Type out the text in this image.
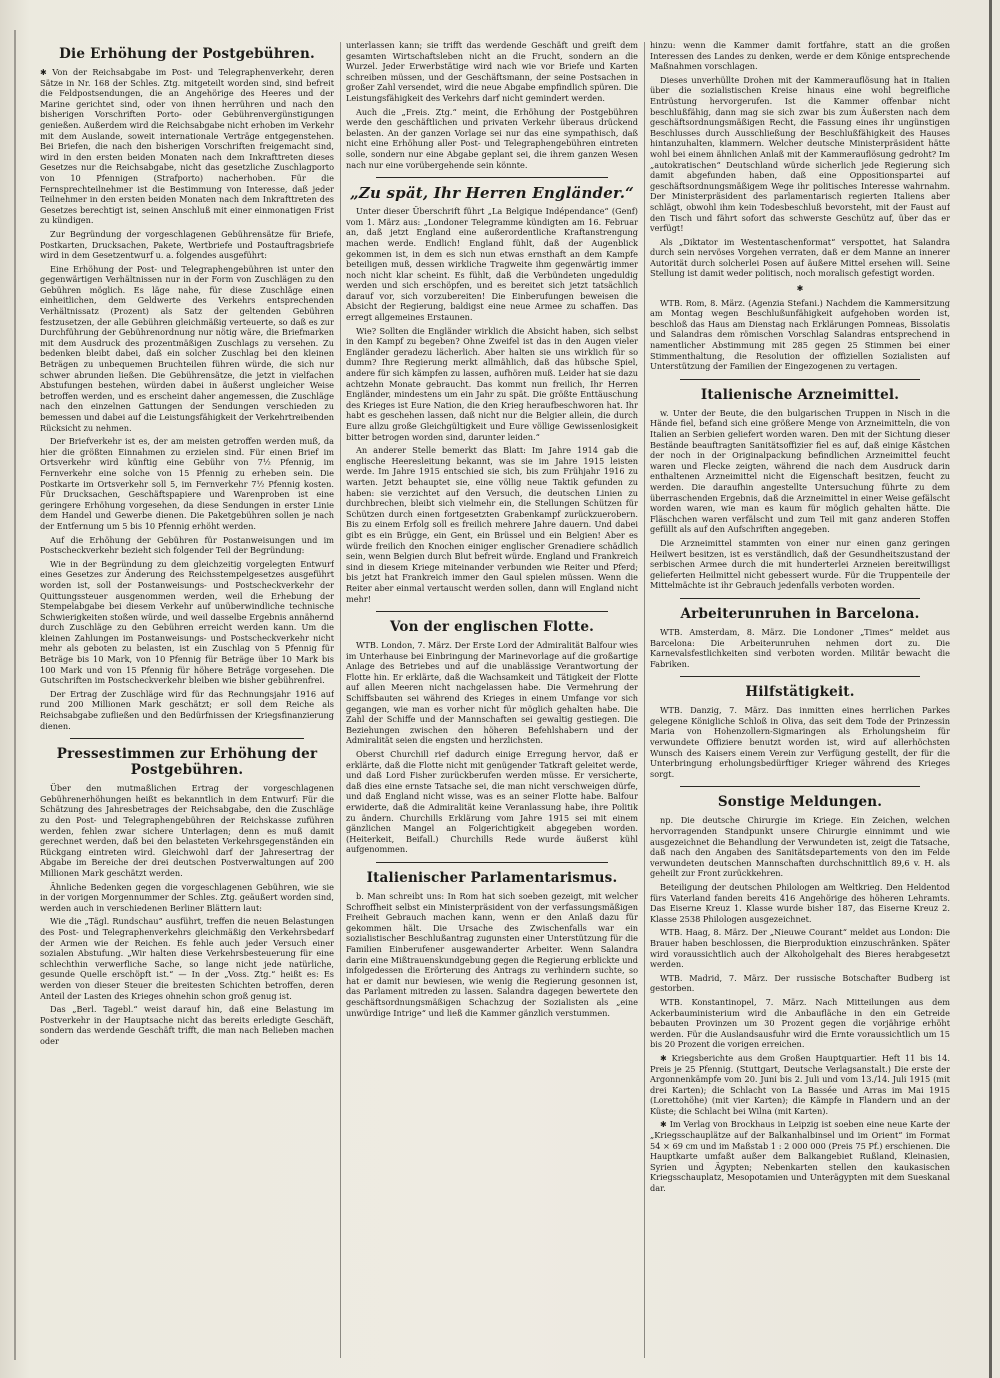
Die Erhöhung der Postgebühren.

✱ Von der Reichsabgabe im Post- und Telegraphenverkehr, deren Sätze in Nr. 168 der Schles. Ztg. mitgeteilt worden sind, sind befreit die Feldpostsendungen, die an Angehörige des Heeres und der Marine gerichtet sind, oder von ihnen herrühren und nach den bisherigen Vorschriften Porto- oder Gebührenvergünstigungen genießen. Außerdem wird die Reichsabgabe nicht erhoben im Verkehr mit dem Auslande, soweit internationale Verträge entgegenstehen. Bei Briefen, die nach den bisherigen Vorschriften freigemacht sind, wird in den ersten beiden Monaten nach dem Inkrafttreten dieses Gesetzes nur die Reichsabgabe, nicht das gesetzliche Zuschlagporto von 10 Pfennigen (Strafporto) nacherhoben. Für die Fernsprechteilnehmer ist die Bestimmung von Interesse, daß jeder Teilnehmer in den ersten beiden Monaten nach dem Inkrafttreten des Gesetzes berechtigt ist, seinen Anschluß mit einer einmonatigen Frist zu kündigen.

Zur Begründung der vorgeschlagenen Gebührensätze für Briefe, Postkarten, Drucksachen, Pakete, Wertbriefe und Postauftragsbriefe wird in dem Gesetzentwurf u. a. folgendes ausgeführt:

Eine Erhöhung der Post- und Telegraphengebühren ist unter den gegenwärtigen Verhältnissen nur in der Form von Zuschlägen zu den Gebühren möglich. Es läge nahe, für diese Zuschläge einen einheitlichen, dem Geldwerte des Verkehrs entsprechenden Verhältnissatz (Prozent) als Satz der geltenden Gebühren festzusetzen, der alle Gebühren gleichmäßig verteuerte, so daß es zur Durchführung der Gebührenordnung nur nötig wäre, die Briefmarken mit dem Ausdruck des prozentmäßigen Zuschlags zu versehen. Zu bedenken bleibt dabei, daß ein solcher Zuschlag bei den kleinen Beträgen zu unbequemen Bruchteilen führen würde, die sich nur schwer abrunden ließen. Die Gebührensätze, die jetzt in vielfachen Abstufungen bestehen, würden dabei in äußerst ungleicher Weise betroffen werden, und es erscheint daher angemessen, die Zuschläge nach den einzelnen Gattungen der Sendungen verschieden zu bemessen und dabei auf die Leistungsfähigkeit der Verkehrtreibenden Rücksicht zu nehmen.

Der Briefverkehr ist es, der am meisten getroffen werden muß, da hier die größten Einnahmen zu erzielen sind. Für einen Brief im Ortsverkehr wird künftig eine Gebühr von 7½ Pfennig, im Fernverkehr eine solche von 15 Pfennig zu erheben sein. Die Postkarte im Ortsverkehr soll 5, im Fernverkehr 7½ Pfennig kosten. Für Drucksachen, Geschäftspapiere und Warenproben ist eine geringere Erhöhung vorgesehen, da diese Sendungen in erster Linie dem Handel und Gewerbe dienen. Die Paketgebühren sollen je nach der Entfernung um 5 bis 10 Pfennig erhöht werden.

Auf die Erhöhung der Gebühren für Postanweisungen und im Postscheckverkehr bezieht sich folgender Teil der Begründung:

Wie in der Begründung zu dem gleichzeitig vorgelegten Entwurf eines Gesetzes zur Änderung des Reichsstempelgesetzes ausgeführt worden ist, soll der Postanweisungs- und Postscheckverkehr der Quittungssteuer ausgenommen werden, weil die Erhebung der Stempelabgabe bei diesem Verkehr auf unüberwindliche technische Schwierigkeiten stoßen würde, und weil dasselbe Ergebnis annähernd durch Zuschläge zu den Gebühren erreicht werden kann. Um die kleinen Zahlungen im Postanweisungs- und Postscheckverkehr nicht mehr als geboten zu belasten, ist ein Zuschlag von 5 Pfennig für Beträge bis 10 Mark, von 10 Pfennig für Beträge über 10 Mark bis 100 Mark und von 15 Pfennig für höhere Beträge vorgesehen. Die Gutschriften im Postscheckverkehr bleiben wie bisher gebührenfrei.

Der Ertrag der Zuschläge wird für das Rechnungsjahr 1916 auf rund 200 Millionen Mark geschätzt; er soll dem Reiche als Reichsabgabe zufließen und den Bedürfnissen der Kriegsfinanzierung dienen.

Pressestimmen zur Erhöhung der Postgebühren.

Über den mutmaßlichen Ertrag der vorgeschlagenen Gebührenerhöhungen heißt es bekanntlich in dem Entwurf: Für die Schätzung des Jahresbetrages der Reichsabgabe, den die Zuschläge zu den Post- und Telegraphengebühren der Reichskasse zuführen werden, fehlen zwar sichere Unterlagen; denn es muß damit gerechnet werden, daß bei den belasteten Verkehrsgegenständen ein Rückgang eintreten wird. Gleichwohl darf der Jahresertrag der Abgabe im Bereiche der drei deutschen Postverwaltungen auf 200 Millionen Mark geschätzt werden.

Ähnliche Bedenken gegen die vorgeschlagenen Gebühren, wie sie in der vorigen Morgennummer der Schles. Ztg. geäußert worden sind, werden auch in verschiedenen Berliner Blättern laut:

Wie die „Tägl. Rundschau“ ausführt, treffen die neuen Belastungen des Post- und Telegraphenverkehrs gleichmäßig den Verkehrsbedarf der Armen wie der Reichen. Es fehle auch jeder Versuch einer sozialen Abstufung. „Wir halten diese Verkehrsbesteuerung für eine schlechthin verwerfliche Sache, so lange nicht jede natürliche, gesunde Quelle erschöpft ist.“ — In der „Voss. Ztg.“ heißt es: Es werden von dieser Steuer die breitesten Schichten betroffen, deren Anteil der Lasten des Krieges ohnehin schon groß genug ist.

Das „Berl. Tagebl.“ weist darauf hin, daß eine Belastung im Postverkehr in der Hauptsache nicht das bereits erledigte Geschäft, sondern das werdende Geschäft trifft, die man nach Belieben machen oder

unterlassen kann; sie trifft das werdende Geschäft und greift dem gesamten Wirtschaftsleben nicht an die Frucht, sondern an die Wurzel. Jeder Erwerbstätige wird nach wie vor Briefe und Karten schreiben müssen, und der Geschäftsmann, der seine Postsachen in großer Zahl versendet, wird die neue Abgabe empfindlich spüren. Die Leistungsfähigkeit des Verkehrs darf nicht gemindert werden.

Auch die „Freis. Ztg.“ meint, die Erhöhung der Postgebühren werde den geschäftlichen und privaten Verkehr überaus drückend belasten. An der ganzen Vorlage sei nur das eine sympathisch, daß nicht eine Erhöhung aller Post- und Telegraphengebühren eintreten solle, sondern nur eine Abgabe geplant sei, die ihrem ganzen Wesen nach nur eine vorübergehende sein könnte.

„Zu spät, Ihr Herren Engländer.“

Unter dieser Überschrift führt „La Belgique Indépendance“ (Genf) vom 1. März aus: „Londoner Telegramme kündigten am 16. Februar an, daß jetzt England eine außerordentliche Kraftanstrengung machen werde. Endlich! England fühlt, daß der Augenblick gekommen ist, in dem es sich nun etwas ernsthaft an dem Kampfe beteiligen muß, dessen wirkliche Tragweite ihm gegenwärtig immer noch nicht klar scheint. Es fühlt, daß die Verbündeten ungeduldig werden und sich erschöpfen, und es bereitet sich jetzt tatsächlich darauf vor, sich vorzubereiten! Die Einberufungen beweisen die Absicht der Regierung, baldigst eine neue Armee zu schaffen. Das erregt allgemeines Erstaunen.

Wie? Sollten die Engländer wirklich die Absicht haben, sich selbst in den Kampf zu begeben? Ohne Zweifel ist das in den Augen vieler Engländer geradezu lächerlich. Aber halten sie uns wirklich für so dumm? Ihre Regierung merkt allmählich, daß das hübsche Spiel, andere für sich kämpfen zu lassen, aufhören muß. Leider hat sie dazu achtzehn Monate gebraucht. Das kommt nun freilich, Ihr Herren Engländer, mindestens um ein Jahr zu spät. Die größte Enttäuschung des Krieges ist Eure Nation, die den Krieg heraufbeschworen hat. Ihr habt es geschehen lassen, daß nicht nur die Belgier allein, die durch Eure allzu große Gleichgültigkeit und Eure völlige Gewissenlosigkeit bitter betrogen worden sind, darunter leiden.“

An anderer Stelle bemerkt das Blatt: Im Jahre 1914 gab die englische Heeresleitung bekannt, was sie im Jahre 1915 leisten werde. Im Jahre 1915 entschied sie sich, bis zum Frühjahr 1916 zu warten. Jetzt behauptet sie, eine völlig neue Taktik gefunden zu haben: sie verzichtet auf den Versuch, die deutschen Linien zu durchbrechen, bleibt sich vielmehr ein, die Stellungen Schützen für Schützen durch einen fortgesetzten Grabenkampf zurückzuerobern. Bis zu einem Erfolg soll es freilich mehrere Jahre dauern. Und dabei gibt es ein Brügge, ein Gent, ein Brüssel und ein Belgien! Aber es würde freilich den Knochen einiger englischer Grenadiere schädlich sein, wenn Belgien durch Blut befreit würde. England und Frankreich sind in diesem Kriege miteinander verbunden wie Reiter und Pferd; bis jetzt hat Frankreich immer den Gaul spielen müssen. Wenn die Reiter aber einmal vertauscht werden sollen, dann will England nicht mehr!

Von der englischen Flotte.

WTB. London, 7. März. Der Erste Lord der Admiralität Balfour wies im Unterhause bei Einbringung der Marinevorlage auf die großartige Anlage des Betriebes und auf die unablässige Verantwortung der Flotte hin. Er erklärte, daß die Wachsamkeit und Tätigkeit der Flotte auf allen Meeren nicht nachgelassen habe. Die Vermehrung der Schiffsbauten sei während des Krieges in einem Umfange vor sich gegangen, wie man es vorher nicht für möglich gehalten habe. Die Zahl der Schiffe und der Mannschaften sei gewaltig gestiegen. Die Beziehungen zwischen den höheren Befehlshabern und der Admiralität seien die engsten und herzlichsten.

Oberst Churchill rief dadurch einige Erregung hervor, daß er erklärte, daß die Flotte nicht mit genügender Tatkraft geleitet werde, und daß Lord Fisher zurückberufen werden müsse. Er versicherte, daß dies eine ernste Tatsache sei, die man nicht verschweigen dürfe, und daß England nicht wisse, was es an seiner Flotte habe. Balfour erwiderte, daß die Admiralität keine Veranlassung habe, ihre Politik zu ändern. Churchills Erklärung vom Jahre 1915 sei mit einem gänzlichen Mangel an Folgerichtigkeit abgegeben worden. (Heiterkeit, Beifall.) Churchills Rede wurde äußerst kühl aufgenommen.

Italienischer Parlamentarismus.

b. Man schreibt uns: In Rom hat sich soeben gezeigt, mit welcher Schroffheit selbst ein Ministerpräsident von der verfassungsmäßigen Freiheit Gebrauch machen kann, wenn er den Anlaß dazu für gekommen hält. Die Ursache des Zwischenfalls war ein sozialistischer Beschlußantrag zugunsten einer Unterstützung für die Familien Einberufener ausgewanderter Arbeiter. Wenn Salandra darin eine Mißtrauenskundgebung gegen die Regierung erblickte und infolgedessen die Erörterung des Antrags zu verhindern suchte, so hat er damit nur bewiesen, wie wenig die Regierung gesonnen ist, das Parlament mitreden zu lassen. Salandra dagegen bewertete den geschäftsordnungsmäßigen Schachzug der Sozialisten als „eine unwürdige Intrige“ und ließ die Kammer gänzlich verstummen.

hinzu: wenn die Kammer damit fortfahre, statt an die großen Interessen des Landes zu denken, werde er dem Könige entsprechende Maßnahmen vorschlagen.

Dieses unverhüllte Drohen mit der Kammerauflösung hat in Italien über die sozialistischen Kreise hinaus eine wohl begreifliche Entrüstung hervorgerufen. Ist die Kammer offenbar nicht beschlußfähig, dann mag sie sich zwar bis zum Äußersten nach dem geschäftsordnungsmäßigen Recht, die Fassung eines ihr ungünstigen Beschlusses durch Ausschließung der Beschlußfähigkeit des Hauses hintanzuhalten, klammern. Welcher deutsche Ministerpräsident hätte wohl bei einem ähnlichen Anlaß mit der Kammerauflösung gedroht? Im „autokratischen“ Deutschland würde sicherlich jede Regierung sich damit abgefunden haben, daß eine Oppositionspartei auf geschäftsordnungsmäßigem Wege ihr politisches Interesse wahrnahm. Der Ministerpräsident des parlamentarisch regierten Italiens aber schlägt, obwohl ihm kein Todesbeschluß bevorsteht, mit der Faust auf den Tisch und fährt sofort das schwerste Geschütz auf, über das er verfügt!

Als „Diktator im Westentaschenformat“ verspottet, hat Salandra durch sein nervöses Vorgehen verraten, daß er dem Manne an innerer Autorität durch solcherlei Posen auf äußere Mittel ersehen will. Seine Stellung ist damit weder politisch, noch moralisch gefestigt worden.

✱

WTB. Rom, 8. März. (Agenzia Stefani.) Nachdem die Kammersitzung am Montag wegen Beschlußunfähigkeit aufgehoben worden ist, beschloß das Haus am Dienstag nach Erklärungen Pomneas, Bissolatis und Salandras dem römischen Vorschlag Salandras entsprechend in namentlicher Abstimmung mit 285 gegen 25 Stimmen bei einer Stimmenthaltung, die Resolution der offiziellen Sozialisten auf Unterstützung der Familien der Eingezogenen zu vertagen.

Italienische Arzneimittel.

w. Unter der Beute, die den bulgarischen Truppen in Nisch in die Hände fiel, befand sich eine größere Menge von Arzneimitteln, die von Italien an Serbien geliefert worden waren. Den mit der Sichtung dieser Bestände beauftragten Sanitätsoffizier fiel es auf, daß einige Kästchen der noch in der Originalpackung befindlichen Arzneimittel feucht waren und Flecke zeigten, während die nach dem Ausdruck darin enthaltenen Arzneimittel nicht die Eigenschaft besitzen, feucht zu werden. Die daraufhin angestellte Untersuchung führte zu dem überraschenden Ergebnis, daß die Arzneimittel in einer Weise gefälscht worden waren, wie man es kaum für möglich gehalten hätte. Die Fläschchen waren verfälscht und zum Teil mit ganz anderen Stoffen gefüllt als auf den Aufschriften angegeben.

Die Arzneimittel stammten von einer nur einen ganz geringen Heilwert besitzen, ist es verständlich, daß der Gesundheitszustand der serbischen Armee durch die mit hunderterlei Arzneien bereitwilligst gelieferten Heilmittel nicht gebessert wurde. Für die Truppenteile der Mittelmächte ist ihr Gebrauch jedenfalls verboten worden.

Arbeiterunruhen in Barcelona.

WTB. Amsterdam, 8. März. Die Londoner „Times“ meldet aus Barcelona: Die Arbeiterunruhen nehmen dort zu. Die Karnevalsfestlichkeiten sind verboten worden. Militär bewacht die Fabriken.

Hilfstätigkeit.

WTB. Danzig, 7. März. Das inmitten eines herrlichen Parkes gelegene Königliche Schloß in Oliva, das seit dem Tode der Prinzessin Maria von Hohenzollern-Sigmaringen als Erholungsheim für verwundete Offiziere benutzt worden ist, wird auf allerhöchsten Wunsch des Kaisers einem Verein zur Verfügung gestellt, der für die Unterbringung erholungsbedürftiger Krieger während des Krieges sorgt.

Sonstige Meldungen.

np. Die deutsche Chirurgie im Kriege. Ein Zeichen, welchen hervorragenden Standpunkt unsere Chirurgie einnimmt und wie ausgezeichnet die Behandlung der Verwundeten ist, zeigt die Tatsache, daß nach den Angaben des Sanitätsdepartements von den im Felde verwundeten deutschen Mannschaften durchschnittlich 89,6 v. H. als geheilt zur Front zurückkehren.

Beteiligung der deutschen Philologen am Weltkrieg. Den Heldentod fürs Vaterland fanden bereits 416 Angehörige des höheren Lehramts. Das Eiserne Kreuz 1. Klasse wurde bisher 187, das Eiserne Kreuz 2. Klasse 2538 Philologen ausgezeichnet.

WTB. Haag, 8. März. Der „Nieuwe Courant“ meldet aus London: Die Brauer haben beschlossen, die Bierproduktion einzuschränken. Später wird voraussichtlich auch der Alkoholgehalt des Bieres herabgesetzt werden.

WTB. Madrid, 7. März. Der russische Botschafter Budberg ist gestorben.

WTB. Konstantinopel, 7. März. Nach Mitteilungen aus dem Ackerbauministerium wird die Anbaufläche in den ein Getreide bebauten Provinzen um 30 Prozent gegen die vorjährige erhöht werden. Für die Auslandsausfuhr wird die Ernte voraussichtlich um 15 bis 20 Prozent die vorigen erreichen.

✱ Kriegsberichte aus dem Großen Hauptquartier. Heft 11 bis 14. Preis je 25 Pfennig. (Stuttgart, Deutsche Verlagsanstalt.) Die erste der Argonnenkämpfe vom 20. Juni bis 2. Juli und vom 13./14. Juli 1915 (mit drei Karten); die Schlacht von La Bassée und Arras im Mai 1915 (Lorettohöhe) (mit vier Karten); die Kämpfe in Flandern und an der Küste; die Schlacht bei Wilna (mit Karten).

✱ Im Verlag von Brockhaus in Leipzig ist soeben eine neue Karte der „Kriegsschauplätze auf der Balkanhalbinsel und im Orient“ im Format 54 × 69 cm und im Maßstab 1 : 2 000 000 (Preis 75 Pf.) erschienen. Die Hauptkarte umfaßt außer dem Balkangebiet Rußland, Kleinasien, Syrien und Ägypten; Nebenkarten stellen den kaukasischen Kriegsschauplatz, Mesopotamien und Unterägypten mit dem Sueskanal dar.
